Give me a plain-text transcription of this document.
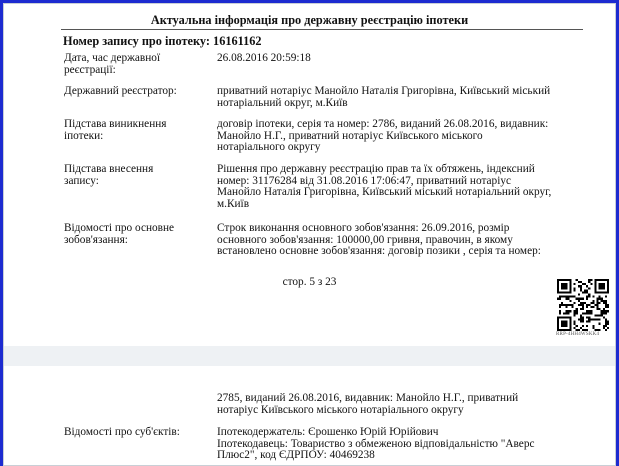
Актуальна інформація про державну реєстрацію іпотеки
Номер запису про іпотеку: 16161162
Дата, час державної
реєстрації:
26.08.2016 20:59:18
Державний реєстратор:	приватний нотаріус Манойло Наталія Григорівна, Київський міський
нотаріальний округ, м.Київ
Підстава виникнення
іпотеки:
договір іпотеки, серія та номер: 2786, виданий 26.08.2016, видавник:
Манойло Н.Г., приватний нотаріус Київського міського
нотаріального округу
Підстава внесення
запису:
Рішення про державну реєстрацію прав та їх обтяжень, індексний
номер: 31176284 від 31.08.2016 17:06:47, приватний нотаріус
Манойло Наталія Григорівна, Київський міський нотаріальний округ,
м.Київ
Відомості про основне
зобов'язання:
Строк виконання основного зобов'язання: 26.09.2016, розмір
основного зобов'язання: 100000,00 гривня, правочин, в якому
встановлено основне зобов'язання: договір позики , серія та номер:
стор. 5 з 23
RRP-4HH4WSKK4
2785, виданий 26.08.2016, видавник: Манойло Н.Г., приватний
нотаріус Київського міського нотаріального округу
Відомості про суб'єктів:	Іпотекодержатель: Єрошенко Юрій Юрійович
Іпотекодавець: Товариство з обмеженою відповідальністю "Аверс
Плюс2", код ЄДРПОУ: 40469238
